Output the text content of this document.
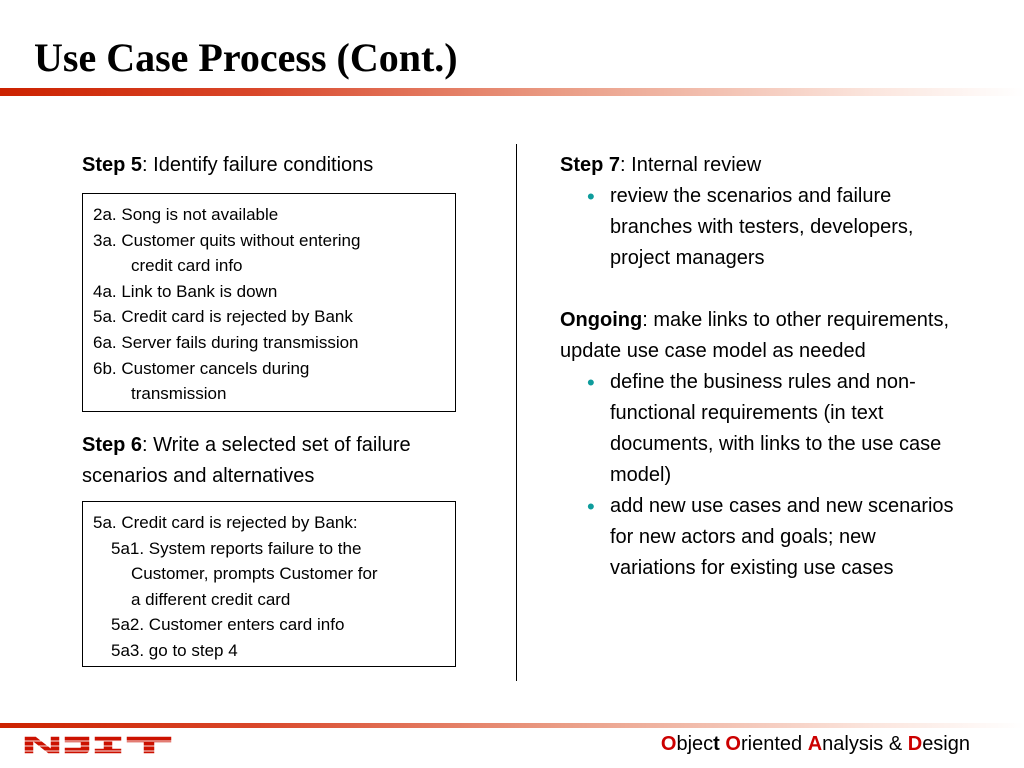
Use Case Process (Cont.)

Step 5: Identify failure conditions

2a. Song is not available
3a. Customer quits without entering
credit card info
4a. Link to Bank is down
5a. Credit card is rejected by Bank
6a. Server fails during transmission
6b. Customer cancels during
transmission

Step 6: Write a selected set of failure scenarios and alternatives

5a. Credit card is rejected by Bank:
5a1. System reports failure to the
Customer, prompts Customer for
a different credit card
5a2. Customer enters card info
5a3. go to step 4

Step 7: Internal review

• review the scenarios and failure branches with testers, developers, project managers

Ongoing: make links to other requirements, update use case model as needed

• define the business rules and non-functional requirements (in text documents, with links to the use case model)
• add new use cases and new scenarios for new actors and goals; new variations for existing use cases
Object Oriented Analysis & Design
